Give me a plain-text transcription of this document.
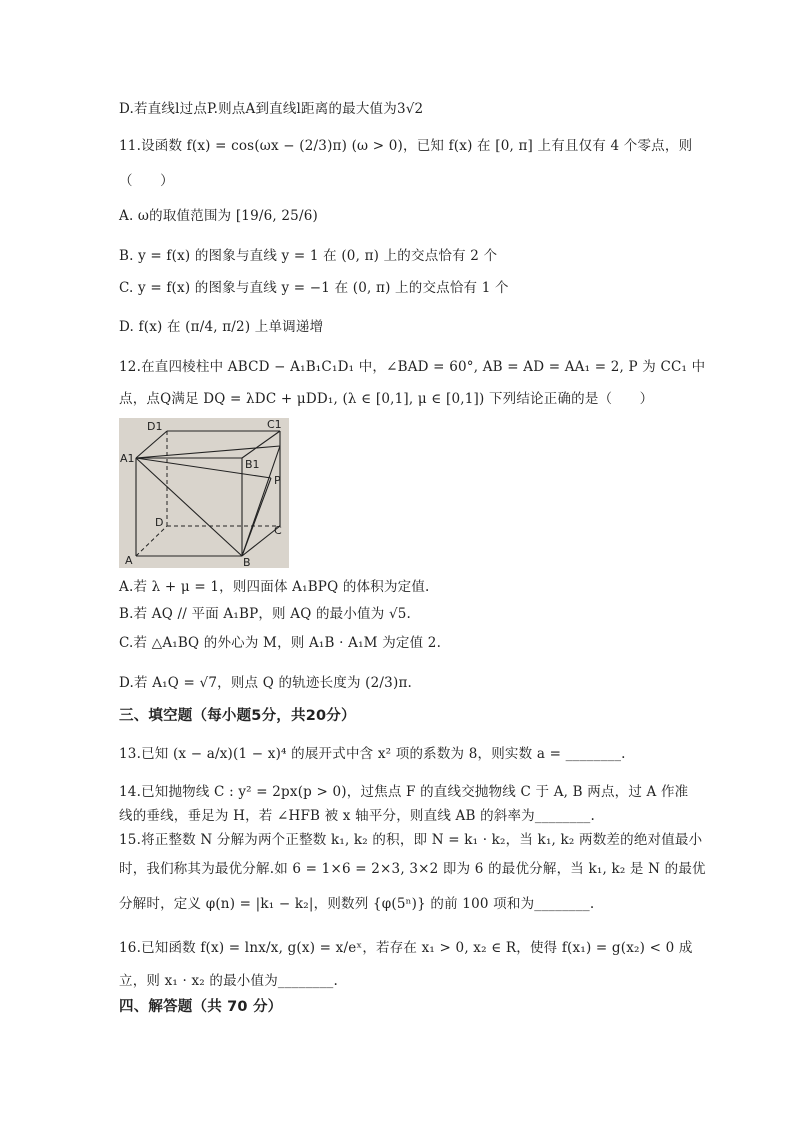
D.若直线l过点P.则点A到直线l距离的最大值为3√2
11.设函数 f(x) = cos(ωx − (2/3)π) (ω > 0)，已知 f(x) 在 [0, π] 上有且仅有 4 个零点，则
（　　）
A. ω的取值范围为 [19/6, 25/6)
B. y = f(x) 的图象与直线 y = 1 在 (0, π) 上的交点恰有 2 个
C. y = f(x) 的图象与直线 y = −1 在 (0, π) 上的交点恰有 1 个
D. f(x) 在 (π/4, π/2) 上单调递增
12.在直四棱柱中 ABCD − A₁B₁C₁D₁ 中，∠BAD = 60°, AB = AD = AA₁ = 2, P 为 CC₁ 中
点，点Q满足 DQ = λDC + μDD₁, (λ ∈ [0,1], μ ∈ [0,1]) 下列结论正确的是（　　）
D1	C1
A1	B1
P
D
C
A	B
A.若 λ + μ = 1，则四面体 A₁BPQ 的体积为定值.
B.若 AQ // 平面 A₁BP，则 AQ 的最小值为 √5.
C.若 △A₁BQ 的外心为 M，则 A₁B · A₁M 为定值 2.
D.若 A₁Q = √7，则点 Q 的轨迹长度为 (2/3)π.
三、填空题（每小题5分，共20分）
13.已知 (x − a/x)(1 − x)⁴ 的展开式中含 x² 项的系数为 8，则实数 a = ________.
14.已知抛物线 C : y² = 2px(p > 0)，过焦点 F 的直线交抛物线 C 于 A, B 两点，过 A 作准
线的垂线，垂足为 H，若 ∠HFB 被 x 轴平分，则直线 AB 的斜率为________.
15.将正整数 N 分解为两个正整数 k₁, k₂ 的积，即 N = k₁ · k₂，当 k₁, k₂ 两数差的绝对值最小
时，我们称其为最优分解.如 6 = 1×6 = 2×3, 3×2 即为 6 的最优分解，当 k₁, k₂ 是 N 的最优
分解时，定义 φ(n) = |k₁ − k₂|，则数列 {φ(5ⁿ)} 的前 100 项和为________.
16.已知函数 f(x) = lnx/x, g(x) = x/eˣ，若存在 x₁ > 0, x₂ ∈ R，使得 f(x₁) = g(x₂) < 0 成
立，则 x₁ · x₂ 的最小值为________.
四、解答题（共 70 分）
